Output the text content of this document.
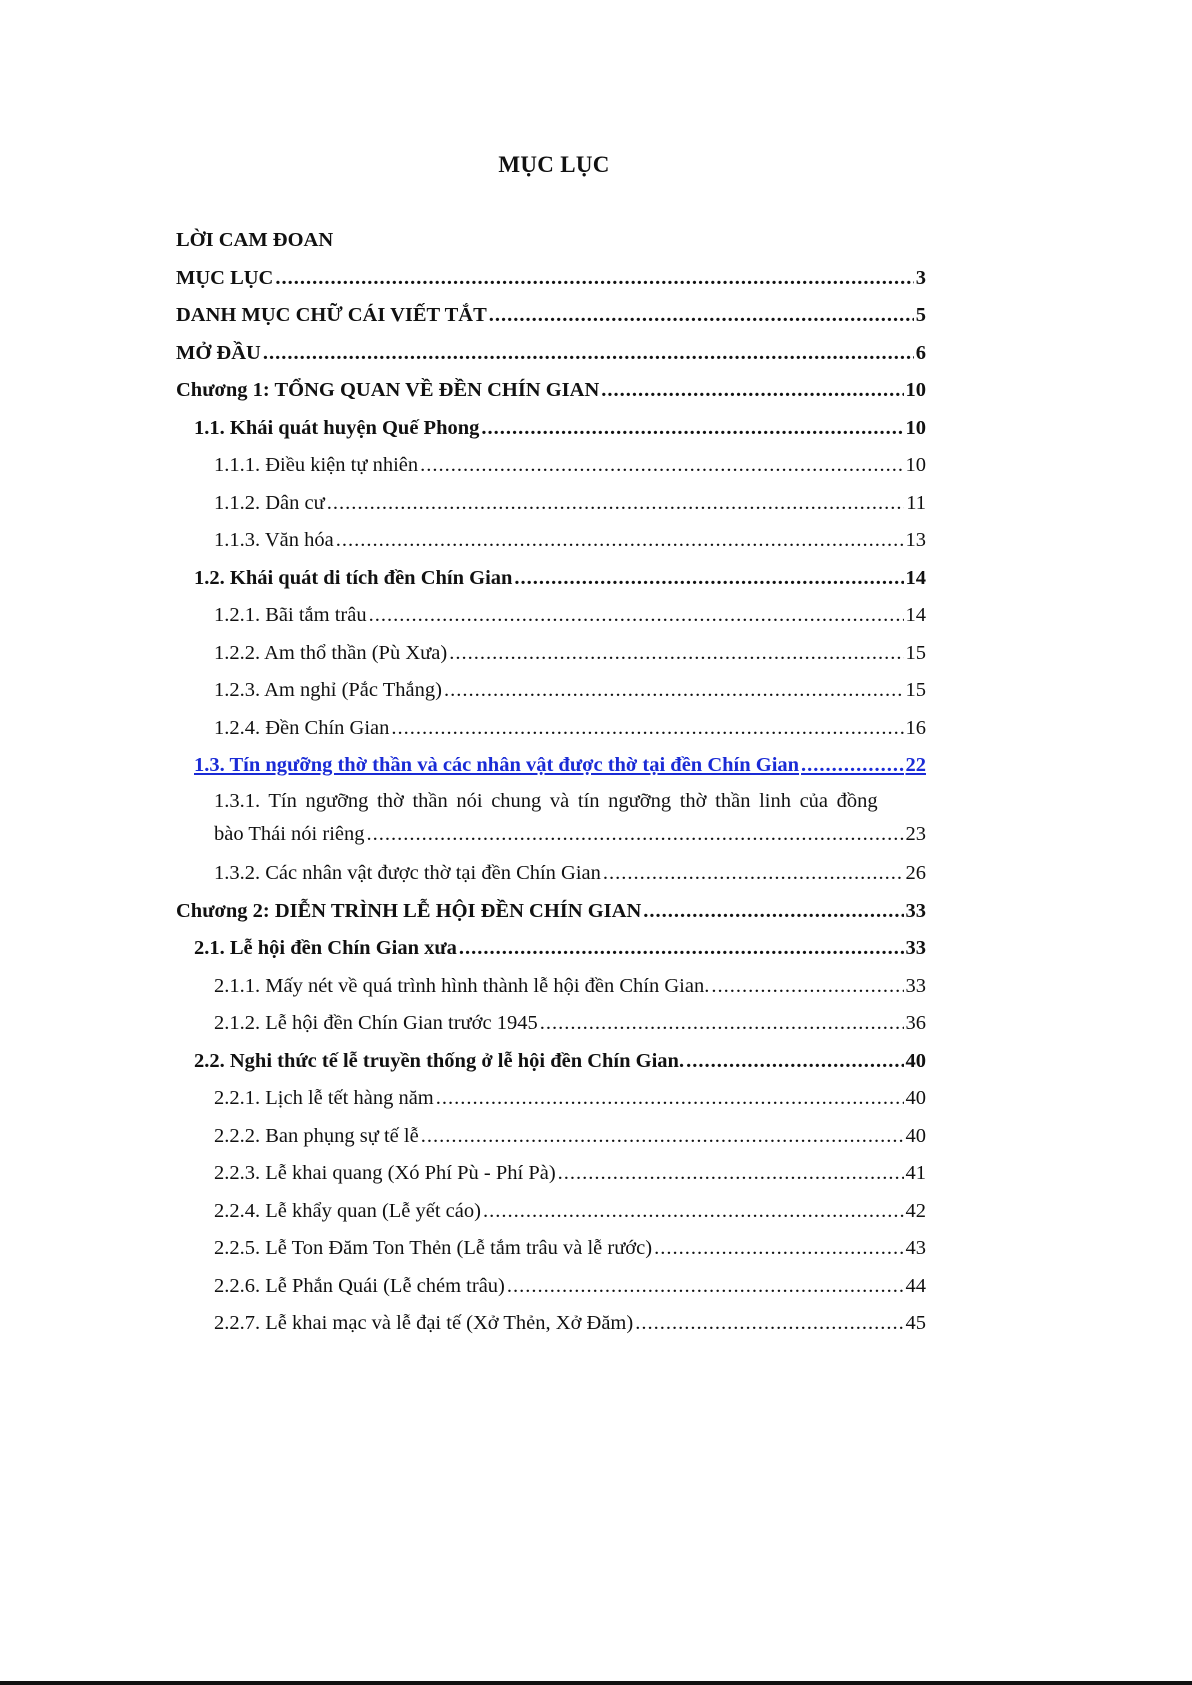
MỤC LỤC
LỜI CAM ĐOAN
MỤC LỤC .....	3
DANH MỤC CHỮ CÁI VIẾT TẮT .....	5
MỞ ĐẦU .....	6
Chương 1: TỔNG QUAN VỀ ĐỀN CHÍN GIAN .....	10
1.1. Khái quát huyện Quế Phong .....	10
1.1.1. Điều kiện tự nhiên .....	10
1.1.2. Dân cư .....	11
1.1.3. Văn hóa .....	13
1.2. Khái quát di tích đền Chín Gian .....	14
1.2.1. Bãi tắm trâu .....	14
1.2.2. Am thổ thần (Pù Xưa) .....	15
1.2.3. Am nghỉ (Pắc Thắng) .....	15
1.2.4. Đền Chín Gian .....	16
1.3. Tín ngưỡng thờ thần và các nhân vật được thờ tại đền Chín Gian .....	22
1.3.1. Tín ngưỡng thờ thần nói chung và tín ngưỡng thờ thần linh của đồng
bào Thái nói riêng .....	23
1.3.2. Các nhân vật được thờ tại đền Chín Gian .....	26
Chương 2: DIỄN TRÌNH LỄ HỘI ĐỀN CHÍN GIAN .....	33
2.1. Lễ hội đền Chín Gian xưa .....	33
2.1.1. Mấy nét về quá trình hình thành lễ hội đền Chín Gian. .....	33
2.1.2. Lễ hội đền Chín Gian trước 1945 .....	36
2.2. Nghi thức tế lễ truyền thống ở lễ hội đền Chín Gian. .....	40
2.2.1. Lịch lễ tết hàng năm .....	40
2.2.2. Ban phụng sự tế lễ .....	40
2.2.3. Lễ khai quang (Xó Phí Pù - Phí Pà) .....	41
2.2.4. Lễ khẩy quan (Lễ yết cáo) .....	42
2.2.5. Lễ Ton Đăm Ton Thẻn (Lễ tắm trâu và lễ rước) .....	43
2.2.6. Lễ Phắn Quái (Lễ chém trâu) .....	44
2.2.7. Lễ khai mạc và lễ đại tế (Xở Thẻn, Xở Đăm) .....	45
